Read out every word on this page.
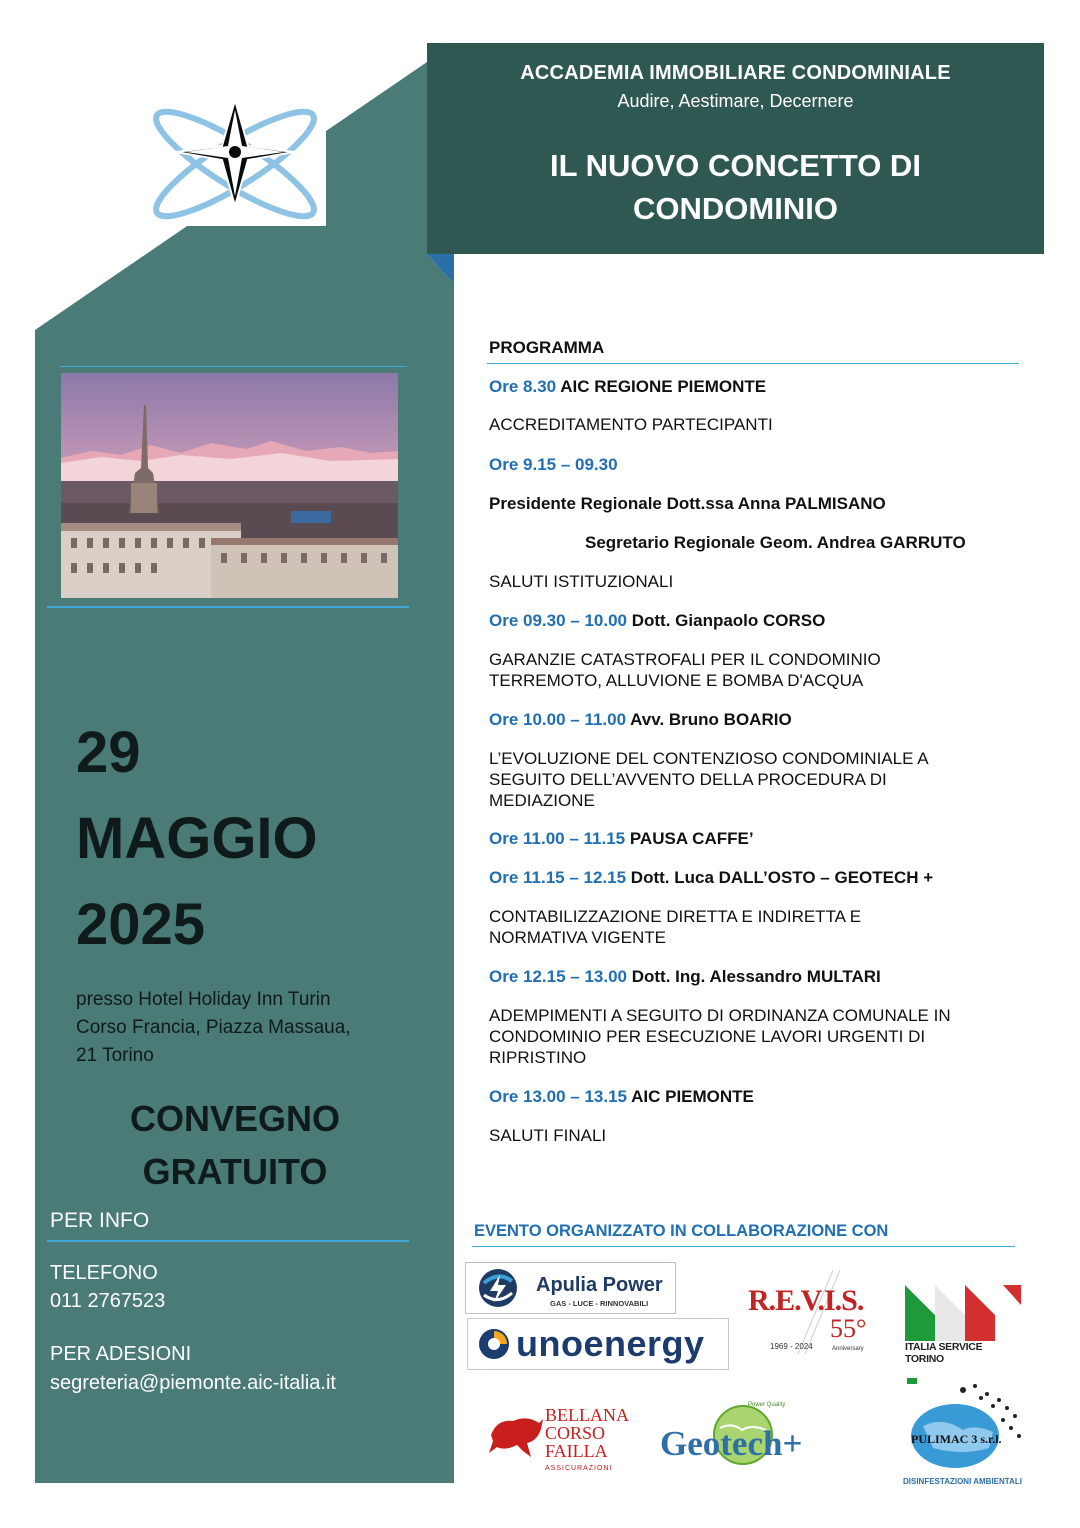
ACCADEMIA IMMOBILIARE CONDOMINIALE
Audire, Aestimare, Decernere
IL NUOVO CONCETTO DI
CONDOMINIO
29
MAGGIO
2025
presso Hotel Holiday Inn Turin
Corso Francia, Piazza Massaua,
21 Torino
CONVEGNO
GRATUITO
PER INFO
TELEFONO
011 2767523
PER ADESIONI
segreteria@piemonte.aic-italia.it
PROGRAMMA
Ore 8.30 AIC REGIONE PIEMONTE
ACCREDITAMENTO PARTECIPANTI
Ore 9.15 – 09.30
Presidente Regionale Dott.ssa Anna PALMISANO
Segretario Regionale Geom. Andrea GARRUTO
SALUTI ISTITUZIONALI
Ore 09.30 – 10.00 Dott. Gianpaolo CORSO
GARANZIE CATASTROFALI PER IL CONDOMINIO
TERREMOTO, ALLUVIONE E BOMBA D'ACQUA
Ore 10.00 – 11.00 Avv. Bruno BOARIO
L’EVOLUZIONE DEL CONTENZIOSO CONDOMINIALE A
SEGUITO DELL’AVVENTO DELLA PROCEDURA DI
MEDIAZIONE
Ore 11.00 – 11.15 PAUSA CAFFE’
Ore 11.15 – 12.15 Dott. Luca DALL’OSTO – GEOTECH +
CONTABILIZZAZIONE DIRETTA E INDIRETTA E
NORMATIVA VIGENTE
Ore 12.15 – 13.00 Dott. Ing. Alessandro MULTARI
ADEMPIMENTI A SEGUITO DI ORDINANZA COMUNALE IN
CONDOMINIO PER ESECUZIONE LAVORI URGENTI DI
RIPRISTINO
Ore 13.00 – 13.15 AIC PIEMONTE
SALUTI FINALI
EVENTO ORGANIZZATO IN COLLABORAZIONE CON
Apulia Power
GAS - LUCE - RINNOVABILI
unoenergy
R.E.V.I.S.
55°
1969 - 2024	Anniversary	ITALIA SERVICE TORINO
BELLANA
CORSO
FAILLA
ASSICURAZIONI
Power Quality
Geotech+	PULIMAC 3 s.r.l.
DISINFESTAZIONI AMBIENTALI
